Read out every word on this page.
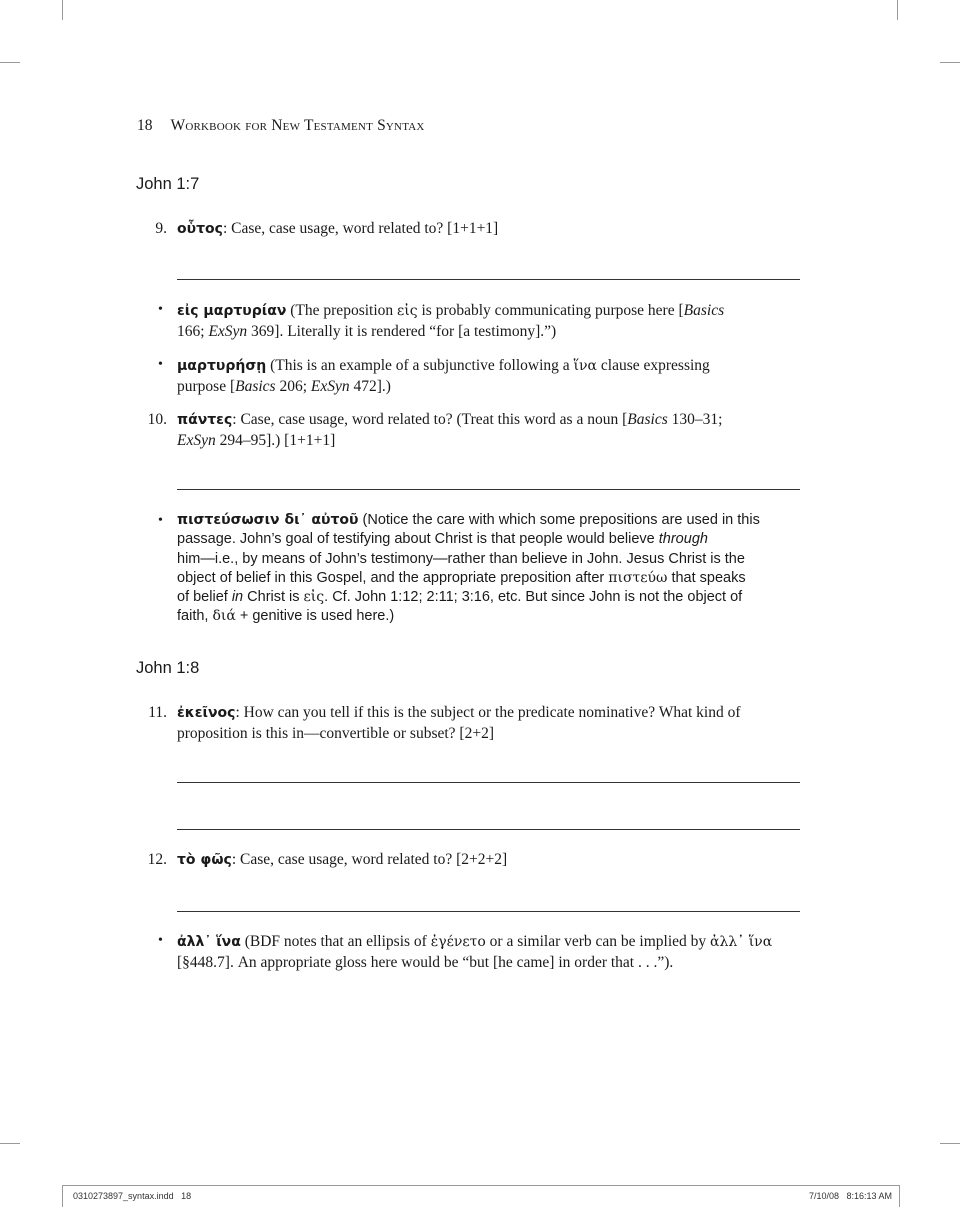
18 Workbook for New Testament Syntax
John 1:7
9. οὗτος: Case, case usage, word related to? [1+1+1]
• εἰς μαρτυρίαν (The preposition εἰς is probably communicating purpose here [Basics
166; ExSyn 369]. Literally it is rendered “for [a testimony].”)
• μαρτυρήσῃ (This is an example of a subjunctive following a ἵνα clause expressing
purpose [Basics 206; ExSyn 472].)
10. πάντες: Case, case usage, word related to? (Treat this word as a noun [Basics 130–31;
ExSyn 294–95].) [1+1+1]
• πιστεύσωσιν δι᾽ αὐτοῦ (Notice the care with which some prepositions are used in this
passage. John’s goal of testifying about Christ is that people would believe through
him—i.e., by means of John’s testimony—rather than believe in John. Jesus Christ is the
object of belief in this Gospel, and the appropriate preposition after πιστεύω that speaks
of belief in Christ is εἰς. Cf. John 1:12; 2:11; 3:16, etc. But since John is not the object of
faith, διά + genitive is used here.)
John 1:8
11. ἐκεῖνος: How can you tell if this is the subject or the predicate nominative? What kind of
proposition is this in—convertible or subset? [2+2]
12. τὸ φῶς: Case, case usage, word related to? [2+2+2]
• ἀλλ᾽ ἵνα (BDF notes that an ellipsis of ἐγένετο or a similar verb can be implied by ἀλλ᾽ ἵνα
[§448.7]. An appropriate gloss here would be “but [he came] in order that . . .”).
0310273897_syntax.indd   18	7/10/08   8:16:13 AM
